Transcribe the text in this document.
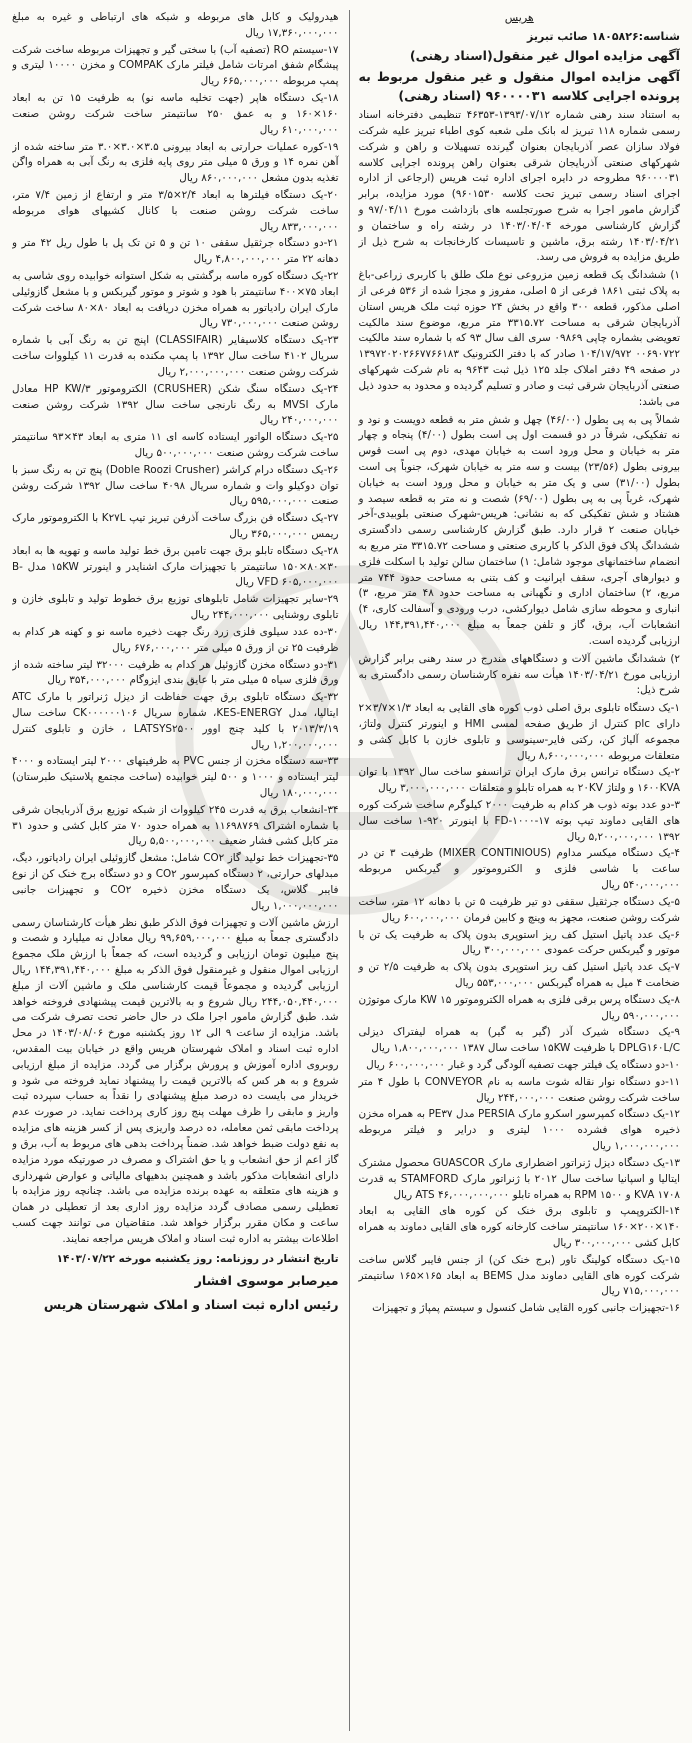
هریس
شناسه:۱۸۰۵۸۲۶ صائب تبریز
آگهی مزایده اموال غیر منقول(اسناد رهنی)
آگهی مزایده اموال منقول و غیر منقول مربوط به پرونده اجرایی کلاسه ۹۶۰۰۰۰۳۱ (اسناد رهنی)
به استناد سند رهنی شماره ۱۳۹۳/۰۷/۱۲-۴۶۳۵۳ تنظیمی دفترخانه اسناد رسمی شماره ۱۱۸ تبریز له بانک ملی شعبه کوی اطباء تبریز علیه شرکت فولاد سازان عصر آذربایجان بعنوان گیرنده تسهیلات و راهن و شرکت شهرکهای صنعتی آذربایجان شرقی بعنوان راهن پرونده اجرایی کلاسه ۹۶۰۰۰۰۳۱ مطروحه در دایره اجرای اداره ثبت هریس (ارجاعی از اداره اجرای اسناد رسمی تبریز تحت کلاسه ۹۶۰۱۵۳۰) مورد مزایده، برابر گزارش مامور اجرا به شرح صورتجلسه های بازداشت مورخ ۹۷/۰۴/۱۱ و گزارش کارشناسی مورخه ۱۴۰۳/۰۴/۰۴ در رشته راه و ساختمان و ۱۴۰۳/۰۴/۲۱ رشته برق، ماشین و تاسیسات کارخانجات به شرح ذیل از طریق مزایده به فروش می رسد.
۱) ششدانگ یک قطعه زمین مزروعی نوع ملک طلق با کاربری زراعی-باغ به پلاک ثبتی ۱۸۶۱ فرعی از ۵ اصلی، مفروز و مجزا شده از ۵۳۶ فرعی از اصلی مذکور، قطعه ۳۰۰ واقع در بخش ۲۴ حوزه ثبت ملک هریس استان آذربایجان شرقی به مساحت ۳۳۱۵.۷۲ متر مربع، موضوع سند مالکیت تعویضی بشماره چاپی ۰۹۸۶۹ سری الف سال ۹۳ که با شماره سند مالکیت ۰۰۶۹۰۷۲۲ ۱۰۴/۱۷/۹۷۲ صادر که با دفتر الکترونیک ۱۳۹۷۲۰۲۰۲۶۶۷۷۶۶۱۸۳ در صفحه ۴۹ دفتر املاک جلد ۱۲۵ ذیل ثبت ۹۶۴۳ به نام شرکت شهرکهای صنعتی آذربایجان شرقی ثبت و صادر و تسلیم گردیده و محدود به حدود ذیل می باشد:
شمالاً پی به پی بطول (۴۶/۰۰) چهل و شش متر به قطعه دویست و نود و نه تفکیکی، شرقاً در دو قسمت اول پی است بطول (۴/۰۰) پنجاه و چهار متر به خیابان و محل ورود است به خیابان مهدی، دوم پی است قوس بیرونی بطول (۲۳/۵۶) بیست و سه متر به خیابان شهرک، جنوباً پی است بطول (۳۱/۰۰) سی و یک متر به خیابان و محل ورود است به خیابان شهرک، غرباً پی به پی بطول (۶۹/۰۰) شصت و نه متر به قطعه سیصد و هشتاد و شش تفکیکی که به نشانی: هریس-شهرک صنعتی بلوبیدی-آخر خیابان صنعت ۲ قرار دارد. طبق گزارش کارشناسی رسمی دادگستری ششدانگ پلاک فوق الذکر با کاربری صنعتی و مساحت ۳۳۱۵.۷۲ متر مربع به انضمام ساختمانهای موجود شامل: ۱) ساختمان سالن تولید با اسکلت فلزی و دیوارهای آجری، سقف ایرانیت و کف بتنی به مساحت حدود ۷۴۴ متر مربع، ۲) ساختمان اداری و نگهبانی به مساحت حدود ۴۸ متر مربع، ۳) انباری و محوطه سازی شامل دیوارکشی، درب ورودی و آسفالت کاری، ۴) انشعابات آب، برق، گاز و تلفن جمعاً به مبلغ ۱۴۴,۳۹۱,۴۴۰,۰۰۰ ریال ارزیابی گردیده است.
۲) ششدانگ ماشین آلات و دستگاههای مندرج در سند رهنی برابر گزارش ارزیابی مورخ ۱۴۰۳/۰۴/۲۱ هیأت سه نفره کارشناسان رسمی دادگستری به شرح ذیل:
۱-یک دستگاه تابلوی برق اصلی ذوب کوره های القایی به ابعاد ۱/۳×۳/۷×۲ دارای plc کنترل از طریق صفحه لمسی HMI و اینورتر کنترل ولتاژ، مجموعه آلیاژ کن، رکتی فایر-سینوسی و تابلوی خازن با کابل کشی و متعلقات مربوطه ۸,۶۰۰,۰۰۰,۰۰۰ ریال
۲-یک دستگاه ترانس برق مارک ایران ترانسفو ساخت سال ۱۳۹۲ با توان ۱۶۰۰KVA و ولتاژ ۲۰KV به همراه تابلو و متعلقات ۳,۰۰۰,۰۰۰,۰۰۰ ریال
۳-دو عدد بوته ذوب هر کدام به ظرفیت ۲۰۰۰ کیلوگرم ساخت شرکت کوره های القایی دماوند تیپ بوته FD-۱۰۰۰-۱۷ با اینورتر ۹۲۰-۱ ساخت سال ۱۳۹۲ ۵,۲۰۰,۰۰۰,۰۰۰ ریال
۴-یک دستگاه میکسر مداوم (MIXER CONTINIOUS) ظرفیت ۳ تن در ساعت با شاسی فلزی و الکتروموتور و گیربکس مربوطه ۵۴۰,۰۰۰,۰۰۰ ریال
۵-یک دستگاه جرثقیل سقفی دو تیر ظرفیت ۵ تن با دهانه ۱۲ متر، ساخت شرکت روشن صنعت، مجهز به وینچ و کابین فرمان ۶۰۰,۰۰۰,۰۰۰ ریال
۶-یک عدد پاتیل استیل کف ریز استوپری بدون پلاک به ظرفیت یک تن با موتور و گیربکس حرکت عمودی ۳۰۰,۰۰۰,۰۰۰ ریال
۷-یک عدد پاتیل استیل کف ریز استوپری بدون پلاک به ظرفیت ۲/۵ تن و ضخامت ۴ میل به همراه گیربکس ۵۵۳,۰۰۰,۰۰۰ ریال
۸-یک دستگاه پرس برقی فلزی به همراه الکتروموتور ۱۵ KW مارک موتوژن ۵۹۰,۰۰۰,۰۰۰ ریال
۹-یک دستگاه شیرک آذر (گیر به گیر) به همراه لیفتراک دیزلی DPLG۱۶۰L/C با ظرفیت ۱۵KW ساخت سال ۱۳۸۷ ۱,۸۰۰,۰۰۰,۰۰۰ ریال
۱۰-دو دستگاه یک فیلتر جهت تصفیه آلودگی گرد و غبار ۶۰۰,۰۰۰,۰۰۰ ریال
۱۱-دو دستگاه نوار نقاله شوت ماسه به نام CONVEYOR با طول ۴ متر ساخت شرکت روشن صنعت ۲۴۴,۰۰۰,۰۰۰ ریال
۱۲-یک دستگاه کمپرسور اسکرو مارک PERSIA مدل PE۳۷ به همراه مخزن ذخیره هوای فشرده ۱۰۰۰ لیتری و درایر و فیلتر مربوطه ۱,۰۰۰,۰۰۰,۰۰۰ ریال
۱۳-یک دستگاه دیزل ژنراتور اضطراری مارک GUASCOR محصول مشترک ایتالیا و اسپانیا ساخت سال ۲۰۱۲ با ژنراتور مارک STAMFORD به قدرت ۱۷۰۸ KVA و ۱۵۰۰ RPM به همراه تابلو ATS ۴۶,۰۰۰,۰۰۰,۰۰۰ ریال
۱۴-الکتروپمپ و تابلوی برق خنک کن کوره های القایی به ابعاد ۱۴۰×۲۰۰×۱۶۰ سانتیمتر ساخت کارخانه کوره های القایی دماوند به همراه کابل کشی ۳۰۰,۰۰۰,۰۰۰ ریال
۱۵-یک دستگاه کولینگ تاور (برج خنک کن) از جنس فایبر گلاس ساخت شرکت کوره های القایی دماوند مدل BEMS به ابعاد ۱۶۵×۱۶۵ سانتیمتر ۷۱۵,۰۰۰,۰۰۰ ریال
۱۶-تجهیزات جانبی کوره القایی شامل کنسول و سیستم پمپاژ و تجهیزات
هیدرولیک و کابل های مربوطه و شبکه های ارتباطی و غیره به مبلغ ۱۷,۳۶۰,۰۰۰,۰۰۰ ریال
۱۷-سیستم RO (تصفیه آب) با سختی گیر و تجهیزات مربوطه ساخت شرکت پیشگام شفق امرتات شامل فیلتر مارک COMPAK و مخزن ۱۰۰۰۰ لیتری و پمپ مربوطه ۶۶۵,۰۰۰,۰۰۰ ریال
۱۸-یک دستگاه هاپر (جهت تخلیه ماسه نو) به ظرفیت ۱۵ تن به ابعاد ۱۶۰×۱۶۰ و به عمق ۲۵۰ سانتیمتر ساخت شرکت روشن صنعت ۶۱۰,۰۰۰,۰۰۰ ریال
۱۹-کوره عملیات حرارتی به ابعاد بیرونی ۳.۵×۳.۰×۳.۰ متر ساخته شده از آهن نمره ۱۴ و ورق ۵ میلی متر روی پایه فلزی به رنگ آبی به همراه واگن تغذیه بدون مشعل ۸۶۰,۰۰۰,۰۰۰ ریال
۲۰-یک دستگاه فیلترها به ابعاد ۲/۴×۳/۵ متر و ارتفاع از زمین ۷/۴ متر، ساخت شرکت روشن صنعت با کانال کشیهای هوای مربوطه ۸۳۳,۰۰۰,۰۰۰ ریال
۲۱-دو دستگاه جرثقیل سقفی ۱۰ تن و ۵ تن تک پل با طول ریل ۴۲ متر و دهانه ۲۲ متر ۴,۸۰۰,۰۰۰,۰۰۰ ریال
۲۲-یک دستگاه کوره ماسه برگشتی به شکل استوانه خوابیده روی شاسی به ابعاد ۷۵×۴۰۰ سانتیمتر با هود و شوتر و موتور گیربکس و با مشعل گازوئیلی مارک ایران رادیاتور به همراه مخزن دریافت به ابعاد ۸۰×۸۰ ساخت شرکت روشن صنعت ۷۳۰,۰۰۰,۰۰۰ ریال
۲۳-یک دستگاه کلاسیفایر (CLASSIFAIR) اپنج تن به رنگ آبی با شماره سریال ۴۱۰۲ ساخت سال ۱۳۹۲ با پمپ مکنده به قدرت ۱۱ کیلووات ساخت شرکت روشن صنعت ۲,۰۰۰,۰۰۰,۰۰۰ ریال
۲۴-یک دستگاه سنگ شکن (CRUSHER) الکتروموتور ۳/HP KW معادل مارک MVSI به رنگ نارنجی ساخت سال ۱۳۹۲ شرکت روشن صنعت ۲۴۰,۰۰۰,۰۰۰ ریال
۲۵-یک دستگاه الواتور ایستاده کاسه ای ۱۱ متری به ابعاد ۴۳×۹۳ سانتیمتر ساخت شرکت روشن صنعت ۵۰۰,۰۰۰,۰۰۰ ریال
۲۶-یک دستگاه درام کراشر (Doble Roozi Crusher) پنج تن به رنگ سبز با توان دوکیلو وات و شماره سریال ۴۰۹۸ ساخت سال ۱۳۹۲ شرکت روشن صنعت ۵۹۵,۰۰۰,۰۰۰ ریال
۲۷-یک دستگاه فن بزرگ ساخت آذرفن تبریز تیپ K۲۷L با الکتروموتور مارک ریمس ۳۶۵,۰۰۰,۰۰۰ ریال
۲۸-یک دستگاه تابلو برق جهت تامین برق خط تولید ماسه و تهویه ها به ابعاد ۳۰×۸۰×۱۵۰ سانتیمتر با تجهیزات مارک اشنایدر و اینورتر ۱۵KW مدل B-VFD ۶۰۵,۰۰۰,۰۰۰ ریال
۲۹-سایر تجهیزات شامل تابلوهای توزیع برق خطوط تولید و تابلوی خازن و تابلوی روشنایی ۲۴۴,۰۰۰,۰۰۰ ریال
۳۰-ده عدد سیلوی فلزی زرد رنگ جهت ذخیره ماسه نو و کهنه هر کدام به ظرفیت ۲۵ تن از ورق ۵ میلی متر ۶۷۶,۰۰۰,۰۰۰ ریال
۳۱-دو دستگاه مخزن گازوئیل هر کدام به ظرفیت ۳۲۰۰۰ لیتر ساخته شده از ورق فلزی سیاه ۵ میلی متر با عایق بندی ایزوگام ۳۵۴,۰۰۰,۰۰۰ ریال
۳۲-یک دستگاه تابلوی برق جهت حفاظت از دیزل ژنراتور با مارک ATC ایتالیا، مدل KES-ENERGY، شماره سریال CK۰۰۰۰۰۰۱۰۶ ساخت سال ۲۰۱۳/۳/۱۹ با کلید چنج اوور LATSYS۲۵۰۰ ، خازن و تابلوی کنترل ۱,۲۰۰,۰۰۰,۰۰۰ ریال
۳۳-سه دستگاه مخزن از جنس PVC به ظرفیتهای ۲۰۰۰ لیتر ایستاده و ۴۰۰۰ لیتر ایستاده و ۱۰۰۰ و ۵۰۰ لیتر خوابیده (ساخت مجتمع پلاستیک طبرستان) ۱۸۰,۰۰۰,۰۰۰ ریال
۳۴-انشعاب برق به قدرت ۲۴۵ کیلووات از شبکه توزیع برق آذربایجان شرقی با شماره اشتراک ۱۱۶۹۸۷۶۹ به همراه حدود ۷۰ متر کابل کشی و حدود ۳۱ متر کابل کشی فشار ضعیف ۵,۵۰۰,۰۰۰,۰۰۰ ریال
۳۵-تجهیزات خط تولید گاز CO۲ شامل: مشعل گازوئیلی ایران رادیاتور، دیگ، مبدلهای حرارتی، ۲ دستگاه کمپرسور CO۲ و دو دستگاه برج خنک کن از نوع فایبر گلاس، یک دستگاه مخزن ذخیره CO۲ و تجهیزات جانبی ۱,۰۰۰,۰۰۰,۰۰۰ ریال
ارزش ماشین آلات و تجهیزات فوق الذکر طبق نظر هیأت کارشناسان رسمی دادگستری جمعاً به مبلغ ۹۹,۶۵۹,۰۰۰,۰۰۰ ریال معادل نه میلیارد و شصت و پنج میلیون تومان ارزیابی و گردیده است، که جمعاً با ارزش ملک مجموع ارزیابی اموال منقول و غیرمنقول فوق الذکر به مبلغ ۱۴۴,۳۹۱,۴۴۰,۰۰۰ ریال ارزیابی گردیده و مجموعاً قیمت کارشناسی ملک و ماشین آلات از مبلغ ۲۴۴,۰۵۰,۴۴۰,۰۰۰ ریال شروع و به بالاترین قیمت پیشنهادی فروخته خواهد شد. طبق گزارش مامور اجرا ملک در حال حاضر تحت تصرف شرکت می باشد. مزایده از ساعت ۹ الی ۱۲ روز یکشنبه مورخ ۱۴۰۳/۰۸/۰۶ در محل اداره ثبت اسناد و املاک شهرستان هریس واقع در خیابان بیت المقدس، روبروی اداره آموزش و پرورش برگزار می گردد. مزایده از مبلغ ارزیابی شروع و به هر کس که بالاترین قیمت را پیشنهاد نماید فروخته می شود و خریدار می بایست ده درصد مبلغ پیشنهادی را نقداً به حساب سپرده ثبت واریز و مابقی را ظرف مهلت پنج روز کاری پرداخت نماید. در صورت عدم پرداخت مابقی ثمن معامله، ده درصد واریزی پس از کسر هزینه های مزایده به نفع دولت ضبط خواهد شد. ضمناً پرداخت بدهی های مربوط به آب، برق و گاز اعم از حق انشعاب و یا حق اشتراک و مصرف در صورتیکه مورد مزایده دارای انشعابات مذکور باشد و همچنین بدهیهای مالیاتی و عوارض شهرداری و هزینه های متعلقه به عهده برنده مزایده می باشد. چنانچه روز مزایده با تعطیلی رسمی مصادف گردد مزایده روز اداری بعد از تعطیلی در همان ساعت و مکان مقرر برگزار خواهد شد. متقاضیان می توانند جهت کسب اطلاعات بیشتر به اداره ثبت اسناد و املاک هریس مراجعه نمایند.
تاریخ انتشار در روزنامه: روز یکشنبه مورخه ۱۴۰۳/۰۷/۲۲
میرصابر موسوی افشار
رئیس اداره ثبت اسناد و املاک شهرستان هریس
